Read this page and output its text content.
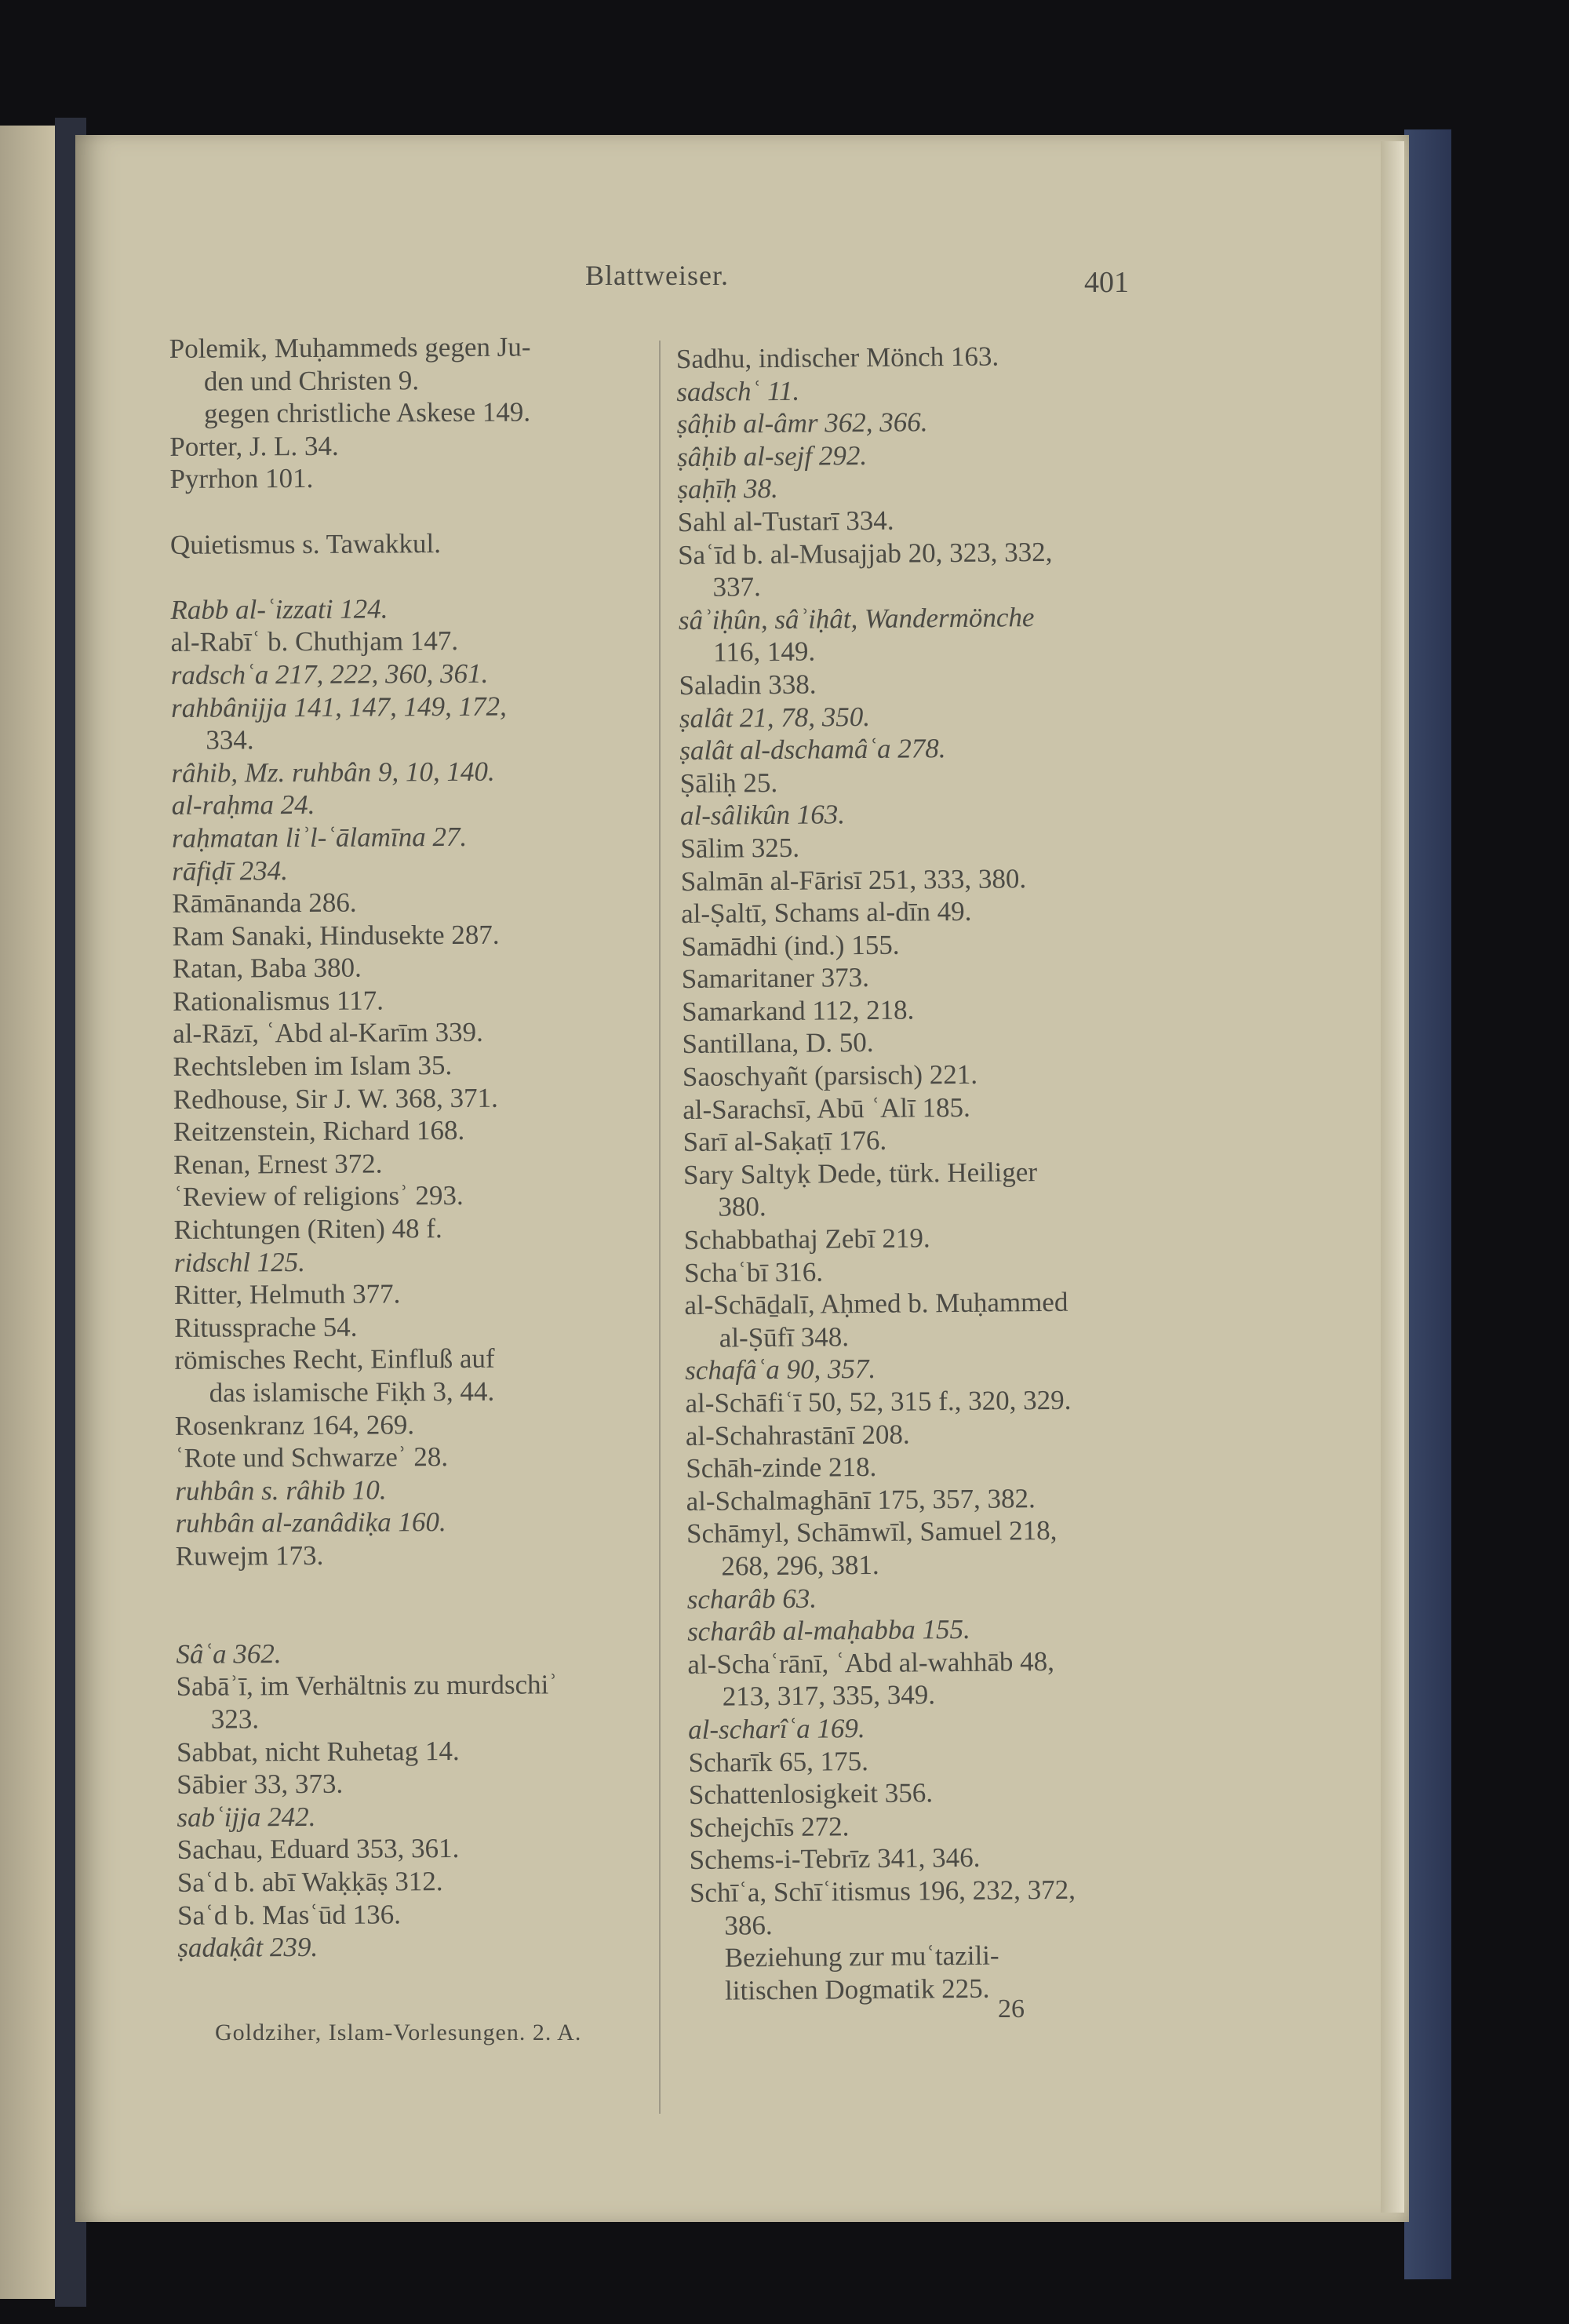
Blattweiser.	401
Polemik, Muḥammeds gegen Ju-
den und Christen 9.
gegen christliche Askese 149.
Porter, J. L. 34.
Pyrrhon 101.
Quietismus s. Tawakkul.
Rabb al-ʿizzati 124.
al-Rabīʿ b. Chuthjam 147.
radschʿa 217, 222, 360, 361.
rahbânijja 141, 147, 149, 172,
334.
râhib, Mz. ruhbân 9, 10, 140.
al-raḥma 24.
raḥmatan liʾl-ʿālamīna 27.
rāfiḍī 234.
Rāmānanda 286.
Ram Sanaki, Hindusekte 287.
Ratan, Baba 380.
Rationalismus 117.
al-Rāzī, ʿAbd al-Karīm 339.
Rechtsleben im Islam 35.
Redhouse, Sir J. W. 368, 371.
Reitzenstein, Richard 168.
Renan, Ernest 372.
ʿReview of religionsʾ 293.
Richtungen (Riten) 48 f.
ridschl 125.
Ritter, Helmuth 377.
Ritussprache 54.
römisches Recht, Einfluß auf
das islamische Fiḳh 3, 44.
Rosenkranz 164, 269.
ʿRote und Schwarzeʾ 28.
ruhbân s. râhib 10.
ruhbân al-zanâdiḳa 160.
Ruwejm 173.
Sâʿa 362.
Sabāʾī, im Verhältnis zu murdschiʾ
323.
Sabbat, nicht Ruhetag 14.
Sābier 33, 373.
sabʿijja 242.
Sachau, Eduard 353, 361.
Saʿd b. abī Waḳḳāṣ 312.
Saʿd b. Masʿūd 136.
ṣadaḳât 239.
Sadhu, indischer Mönch 163.
sadschʿ 11.
ṣâḥib al-âmr 362, 366.
ṣâḥib al-sejf 292.
ṣaḥīḥ 38.
Sahl al-Tustarī 334.
Saʿīd b. al-Musajjab 20, 323, 332,
337.
sâʾiḥûn, sâʾiḥât, Wandermönche
116, 149.
Saladin 338.
ṣalât 21, 78, 350.
ṣalât al-dschamâʿa 278.
Ṣāliḥ 25.
al-sâlikûn 163.
Sālim 325.
Salmān al-Fārisī 251, 333, 380.
al-Ṣaltī, Schams al-dīn 49.
Samādhi (ind.) 155.
Samaritaner 373.
Samarkand 112, 218.
Santillana, D. 50.
Saoschyañt (parsisch) 221.
al-Sarachsī, Abū ʿAlī 185.
Sarī al-Saḳaṭī 176.
Sary Saltyḳ Dede, türk. Heiliger
380.
Schabbathaj Zebī 219.
Schaʿbī 316.
al-Schāḏalī, Aḥmed b. Muḥammed
al-Ṣūfī 348.
schafâʿa 90, 357.
al-Schāfiʿī 50, 52, 315 f., 320, 329.
al-Schahrastānī 208.
Schāh-zinde 218.
al-Schalmaghānī 175, 357, 382.
Schāmyl, Schāmwīl, Samuel 218,
268, 296, 381.
scharâb 63.
scharâb al-maḥabba 155.
al-Schaʿrānī, ʿAbd al-wahhāb 48,
213, 317, 335, 349.
al-scharîʿa 169.
Scharīk 65, 175.
Schattenlosigkeit 356.
Schejchīs 272.
Schems-i-Tebrīz 341, 346.
Schīʿa, Schīʿitismus 196, 232, 372,
386.
Beziehung zur muʿtazili-
litischen Dogmatik 225.
Goldziher, Islam-Vorlesungen. 2. A.
26
